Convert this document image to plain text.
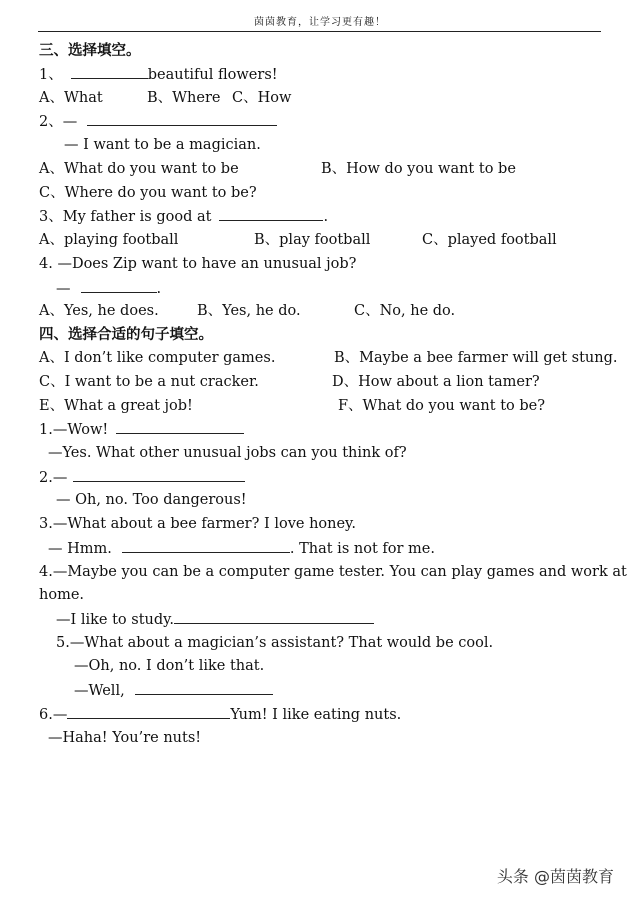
茵茵教育，让学习更有趣！
三、选择填空。
1、	beautiful flowers!
A、What	B、Where C、How
2、—
— I want to be a magician.
A、What do you want to be	B、How do you want to be
C、Where do you want to be?
3、My father is good at	.
A、playing football	B、play football	C、played football
4. —Does Zip want to have an unusual job?
—	.
A、Yes, he does.	B、Yes, he do.	C、No, he do.
四、选择合适的句子填空。
A、I don’t like computer games.	B、Maybe a bee farmer will get stung.
C、I want to be a nut cracker.	D、How about a lion tamer?
E、What a great job!	F、What do you want to be?
1.—Wow!
—Yes. What other unusual jobs can you think of?
2.—
— Oh, no. Too dangerous!
3.—What about a bee farmer? I love honey.
— Hmm.	. That is not for me.
4.—Maybe you can be a computer game tester. You can play games and work at
home.
—I like to study.
5.—What about a magician’s assistant? That would be cool.
—Oh, no. I don’t like that.
—Well,
6.—	Yum! I like eating nuts.
—Haha! You’re nuts!
头条 @茵茵教育
